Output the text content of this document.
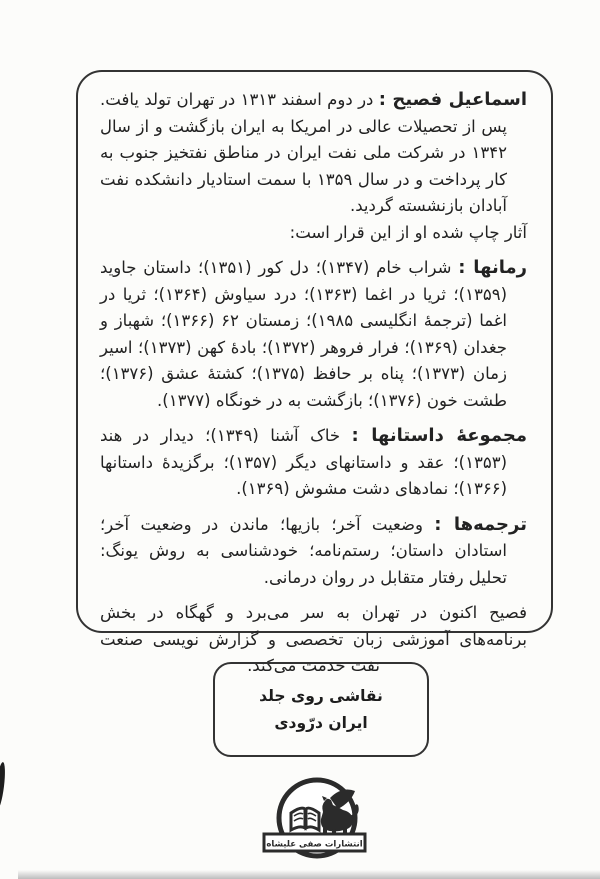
اسماعیل فصیح : در دوم اسفند ۱۳۱۳ در تهران تولد یافت. پس از تحصیلات عالی در امریکا به ایران بازگشت و از سال ۱۳۴۲ در شرکت ملی نفت ایران در مناطق نفتخیز جنوب به کار پرداخت و در سال ۱۳۵۹ با سمت استادیار دانشکده نفت آبادان بازنشسته گردید.

آثار چاپ شده او از این قرار است:

رمانها : شراب خام (۱۳۴۷)؛ دل کور (۱۳۵۱)؛ داستان جاوید (۱۳۵۹)؛ ثریا در اغما (۱۳۶۳)؛ درد سیاوش (۱۳۶۴)؛ ثریا در اغما (ترجمهٔ انگلیسی ۱۹۸۵)؛ زمستان ۶۲ (۱۳۶۶)؛ شهباز و جغدان (۱۳۶۹)؛ فرار فروهر (۱۳۷۲)؛ بادهٔ کهن (۱۳۷۳)؛ اسیر زمان (۱۳۷۳)؛ پناه بر حافظ (۱۳۷۵)؛ کشتهٔ عشق (۱۳۷۶)؛ طشت خون (۱۳۷۶)؛ بازگشت به در خونگاه (۱۳۷۷).

مجموعهٔ داستانها : خاک آشنا (۱۳۴۹)؛ دیدار در هند (۱۳۵۳)؛ عقد و داستانهای دیگر (۱۳۵۷)؛ برگزیدهٔ داستانها (۱۳۶۶)؛ نمادهای دشت مشوش (۱۳۶۹).

ترجمه‌ها : وضعیت آخر؛ بازیها؛ ماندن در وضعیت آخر؛ استادان داستان؛ رستم‌نامه؛ خودشناسی به روش یونگ: تحلیل رفتار متقابل در روان درمانی.

فصیح اکنون در تهران به سر می‌برد و گهگاه در بخش برنامه‌های آموزشی زبان تخصصی و گزارش نویسی صنعت نفت خدمت می‌کند.

نقاشی روی جلد
ایران درّودی
انتشارات صفی علیشاه
